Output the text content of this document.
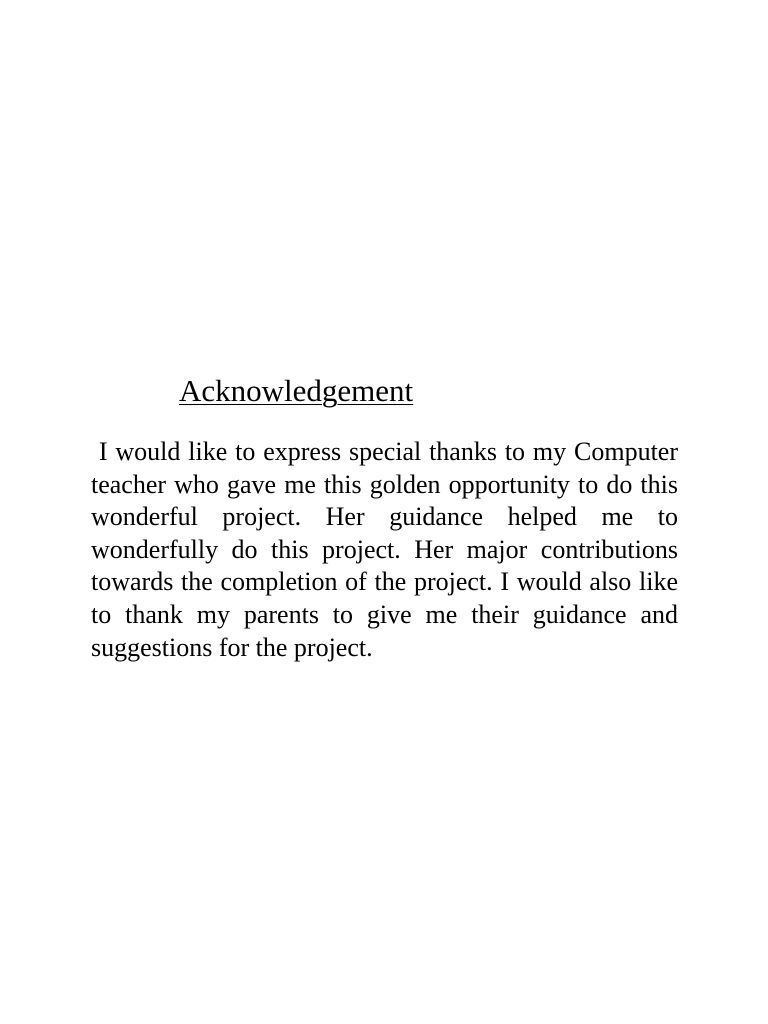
Acknowledgement

I would like to express special thanks to my Computer teacher who gave me this golden opportunity to do this wonderful project. Her guidance helped me to wonderfully do this project. Her major contributions towards the completion of the project. I would also like to thank my parents to give me their guidance and suggestions for the project.
